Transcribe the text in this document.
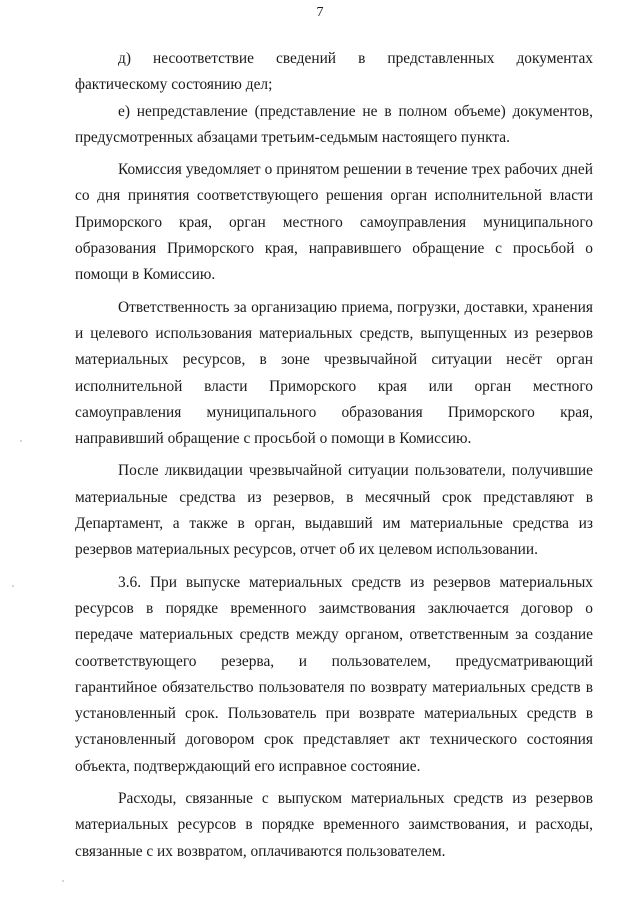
7

д) несоответствие сведений в представленных документах фактическому состоянию дел;

е) непредставление (представление не в полном объеме) документов, предусмотренных абзацами третьим-седьмым настоящего пункта.

Комиссия уведомляет о принятом решении в течение трех рабочих дней со дня принятия соответствующего решения орган исполнительной власти Приморского края, орган местного самоуправления муниципального образования Приморского края, направившего обращение с просьбой о помощи в Комиссию.

Ответственность за организацию приема, погрузки, доставки, хранения и целевого использования материальных средств, выпущенных из резервов материальных ресурсов, в зоне чрезвычайной ситуации несёт орган исполнительной власти Приморского края или орган местного самоуправления муниципального образования Приморского края, направивший обращение с просьбой о помощи в Комиссию.

После ликвидации чрезвычайной ситуации пользователи, получившие материальные средства из резервов, в месячный срок представляют в Департамент, а также в орган, выдавший им материальные средства из резервов материальных ресурсов, отчет об их целевом использовании.

3.6. При выпуске материальных средств из резервов материальных ресурсов в порядке временного заимствования заключается договор о передаче материальных средств между органом, ответственным за создание соответствующего резерва, и пользователем, предусматривающий гарантийное обязательство пользователя по возврату материальных средств в установленный срок. Пользователь при возврате материальных средств в установленный договором срок представляет акт технического состояния объекта, подтверждающий его исправное состояние.

Расходы, связанные с выпуском материальных средств из резервов материальных ресурсов в порядке временного заимствования, и расходы, связанные с их возвратом, оплачиваются пользователем.
